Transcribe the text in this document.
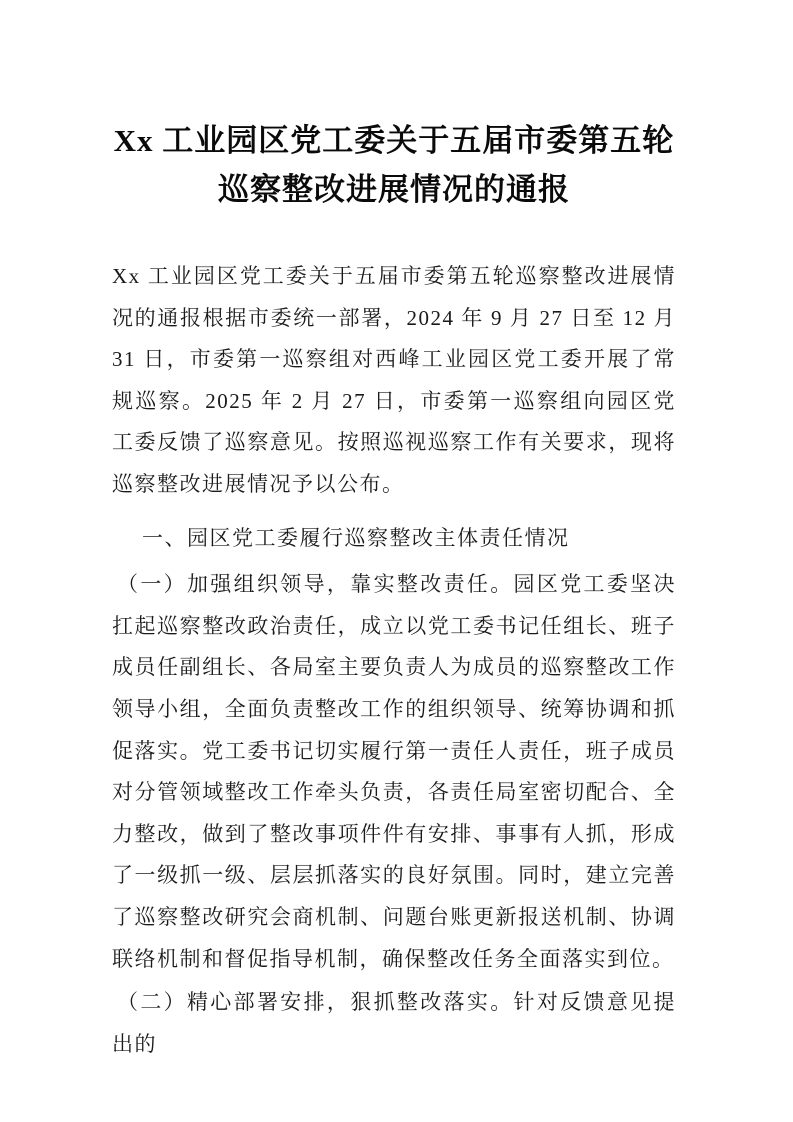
Xx 工业园区党工委关于五届市委第五轮巡察整改进展情况的通报

Xx 工业园区党工委关于五届市委第五轮巡察整改进展情况的通报根据市委统一部署，2024 年 9 月 27 日至 12 月 31 日，市委第一巡察组对西峰工业园区党工委开展了常规巡察。2025 年 2 月 27 日，市委第一巡察组向园区党工委反馈了巡察意见。按照巡视巡察工作有关要求，现将巡察整改进展情况予以公布。

一、园区党工委履行巡察整改主体责任情况

（一）加强组织领导，靠实整改责任。园区党工委坚决扛起巡察整改政治责任，成立以党工委书记任组长、班子成员任副组长、各局室主要负责人为成员的巡察整改工作领导小组，全面负责整改工作的组织领导、统筹协调和抓促落实。党工委书记切实履行第一责任人责任，班子成员对分管领域整改工作牵头负责，各责任局室密切配合、全力整改，做到了整改事项件件有安排、事事有人抓，形成了一级抓一级、层层抓落实的良好氛围。同时，建立完善了巡察整改研究会商机制、问题台账更新报送机制、协调联络机制和督促指导机制，确保整改任务全面落实到位。

（二）精心部署安排，狠抓整改落实。针对反馈意见提出的
